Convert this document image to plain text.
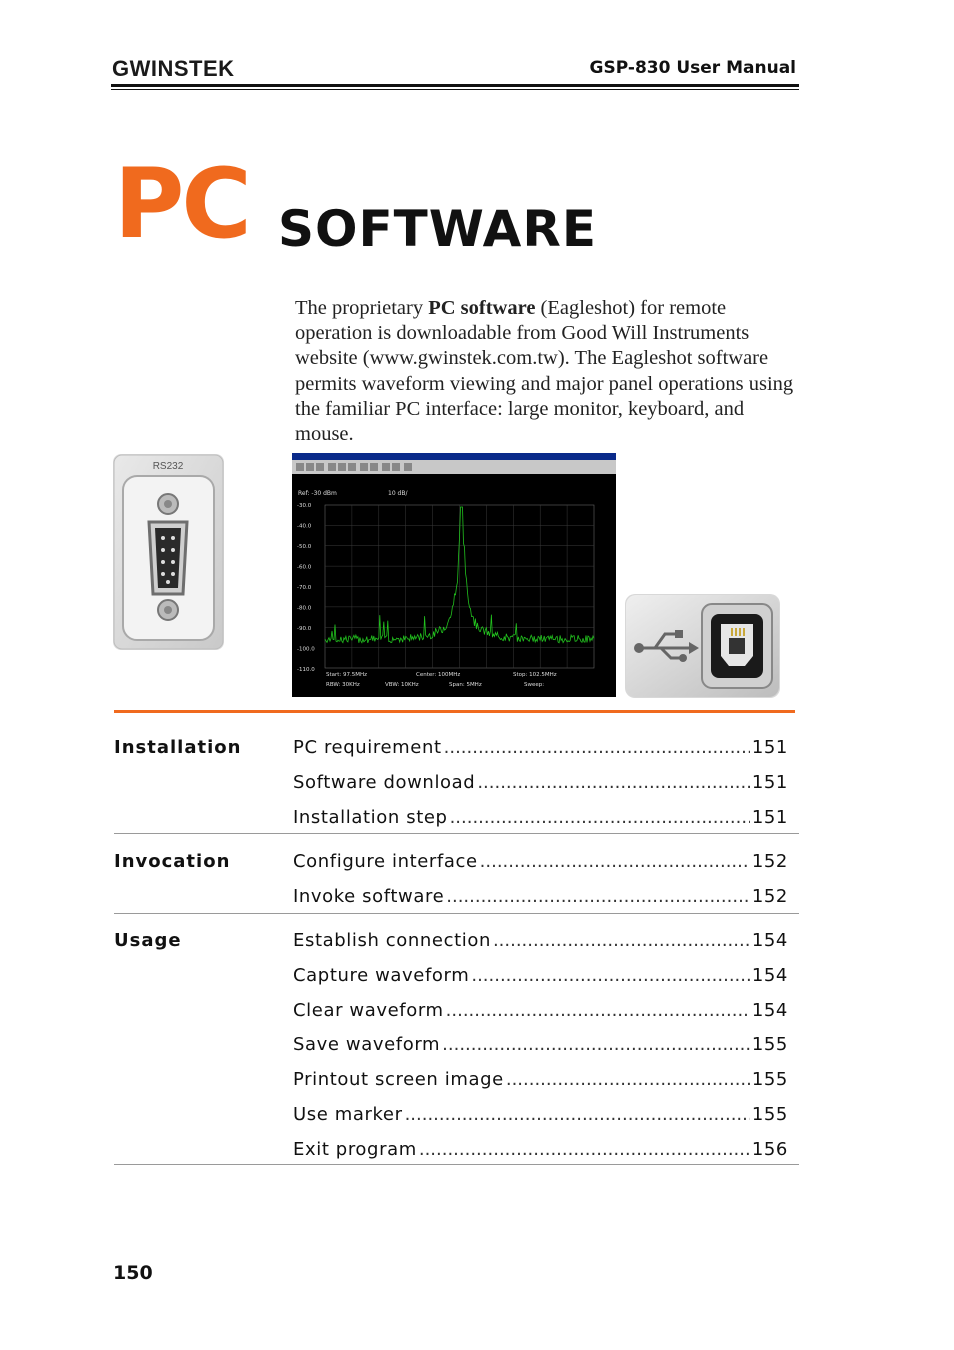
GWINSTEK	GSP-830 User Manual
PC SOFTWARE
The proprietary PC software (Eagleshot) for remote operation is downloadable from Good Will Instruments website (www.gwinstek.com.tw). The Eagleshot software permits waveform viewing and major panel operations using the familiar PC interface: large monitor, keyboard, and mouse.
RS232
Ref: -30 dBm	10 dB/
-30.0
-40.0
-50.0
-60.0
-70.0
-80.0
-90.0
-100.0
-110.0
Start: 97.5MHz	Center: 100MHz	Stop: 102.5MHz
RBW: 30KHz	VBW: 10KHz	Span: 5MHz	Sweep:
Installation	PC requirement .....	151
Software download .....	151
Installation step .....	151
Invocation	Configure interface .....	152
Invoke software .....	152
Usage	Establish connection .....	154
Capture waveform .....	154
Clear waveform .....	154
Save waveform .....	155
Printout screen image .....	155
Use marker .....	155
Exit program .....	156
150
